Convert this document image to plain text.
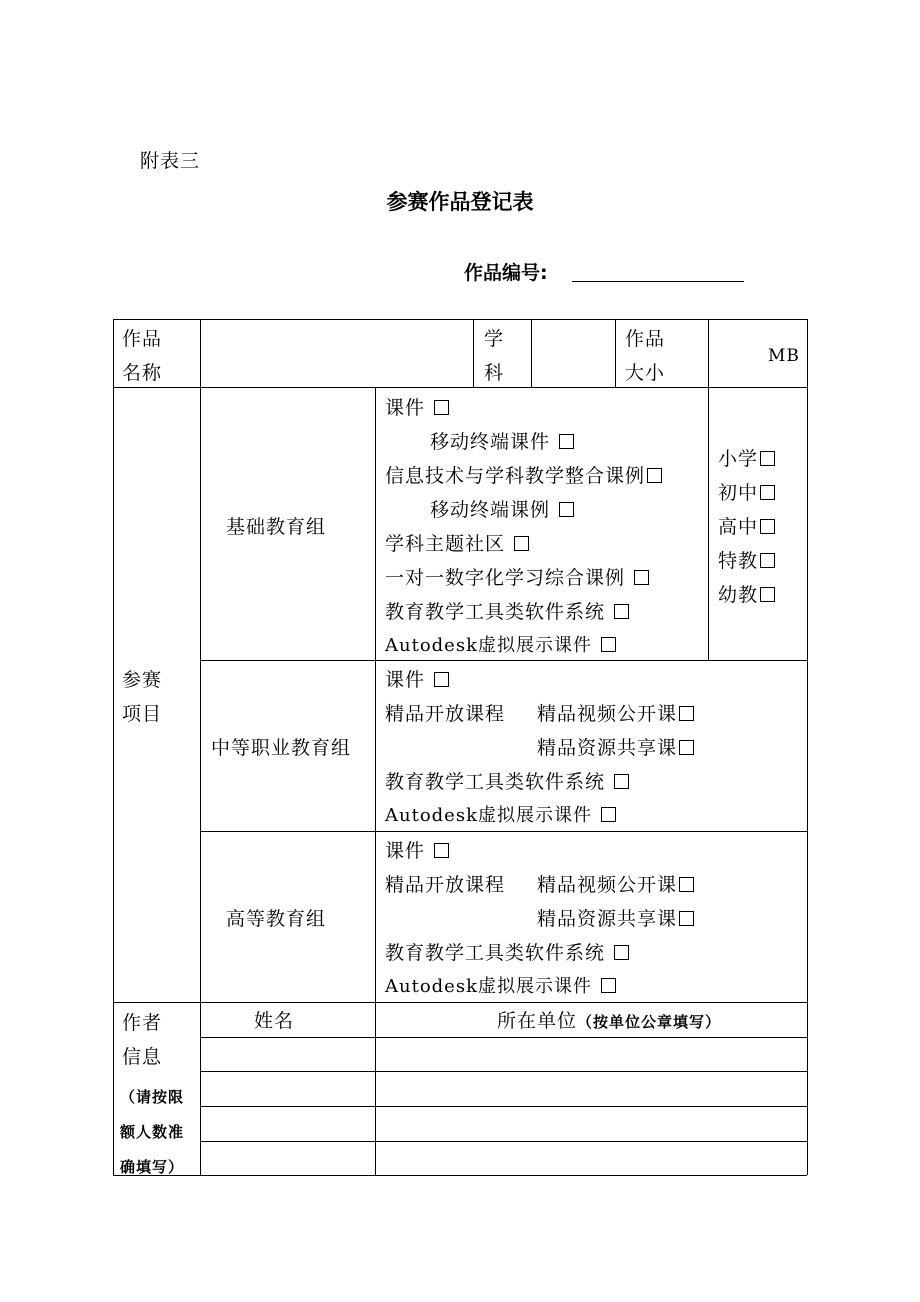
附表三
参赛作品登记表
作品编号:
作品
名称
学
科
作品
大小
MB
参赛
项目
基础教育组
课件
移动终端课件
信息技术与学科教学整合课例
移动终端课例
学科主题社区
一对一数字化学习综合课例
教育教学工具类软件系统
Autodesk虚拟展示课件
小学
初中
高中
特教
幼教
中等职业教育组
课件
精品开放课程 精品视频公开课
精品资源共享课
教育教学工具类软件系统
Autodesk虚拟展示课件
高等教育组
课件
精品开放课程 精品视频公开课
精品资源共享课
教育教学工具类软件系统
Autodesk虚拟展示课件
作者
信息
（请按限
额人数准
确填写）
姓名	所在单位（按单位公章填写）
